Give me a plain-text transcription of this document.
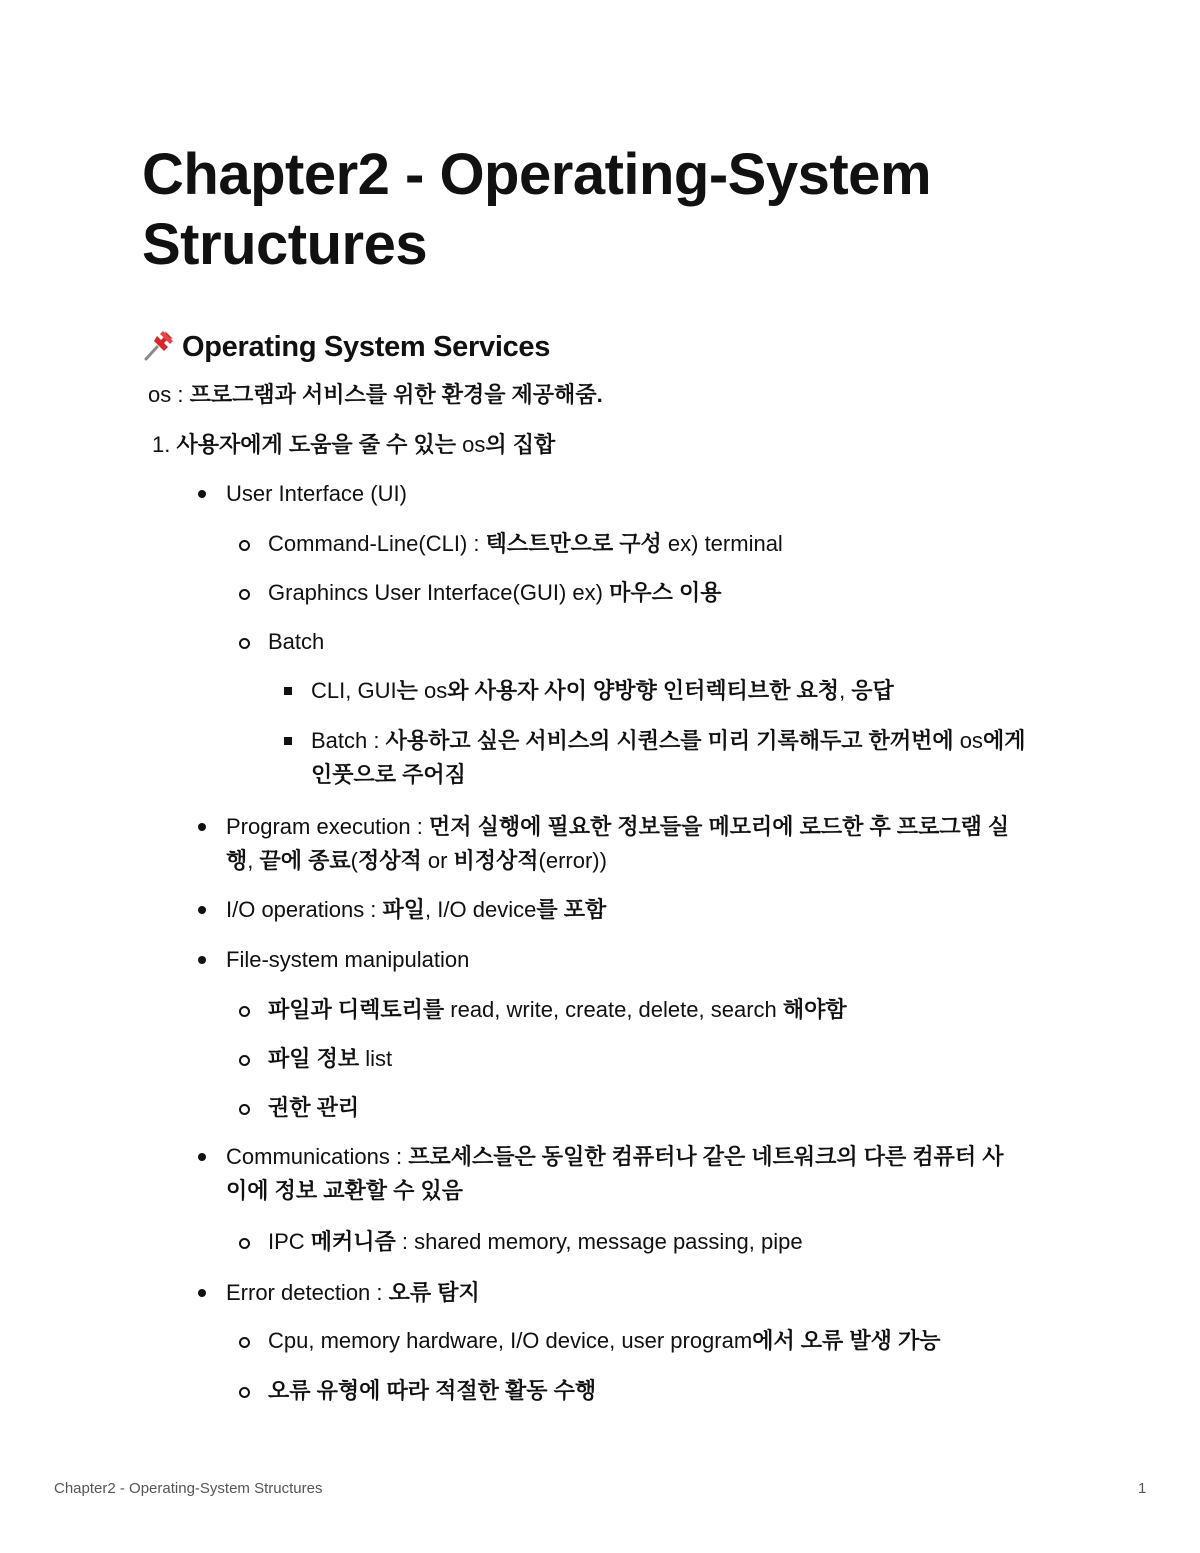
Chapter2 - Operating-System Structures
Operating System Services
os : 프로그램과 서비스를 위한 환경을 제공해줌.
1. 사용자에게 도움을 줄 수 있는 os의 집합
User Interface (UI)
Command-Line(CLI) : 텍스트만으로 구성 ex) terminal
Graphincs User Interface(GUI) ex) 마우스 이용
Batch
CLI, GUI는 os와 사용자 사이 양방향 인터렉티브한 요청, 응답
Batch : 사용하고 싶은 서비스의 시퀀스를 미리 기록해두고 한꺼번에 os에게
인풋으로 주어짐
Program execution : 먼저 실행에 필요한 정보들을 메모리에 로드한 후 프로그램 실
행, 끝에 종료(정상적 or 비정상적(error))
I/O operations : 파일, I/O device를 포함
File-system manipulation
파일과 디렉토리를 read, write, create, delete, search 해야함
파일 정보 list
권한 관리
Communications : 프로세스들은 동일한 컴퓨터나 같은 네트워크의 다른 컴퓨터 사
이에 정보 교환할 수 있음
IPC 메커니즘 : shared memory, message passing, pipe
Error detection : 오류 탐지
Cpu, memory hardware, I/O device, user program에서 오류 발생 가능
오류 유형에 따라 적절한 활동 수행
Chapter2 - Operating-System Structures	1
